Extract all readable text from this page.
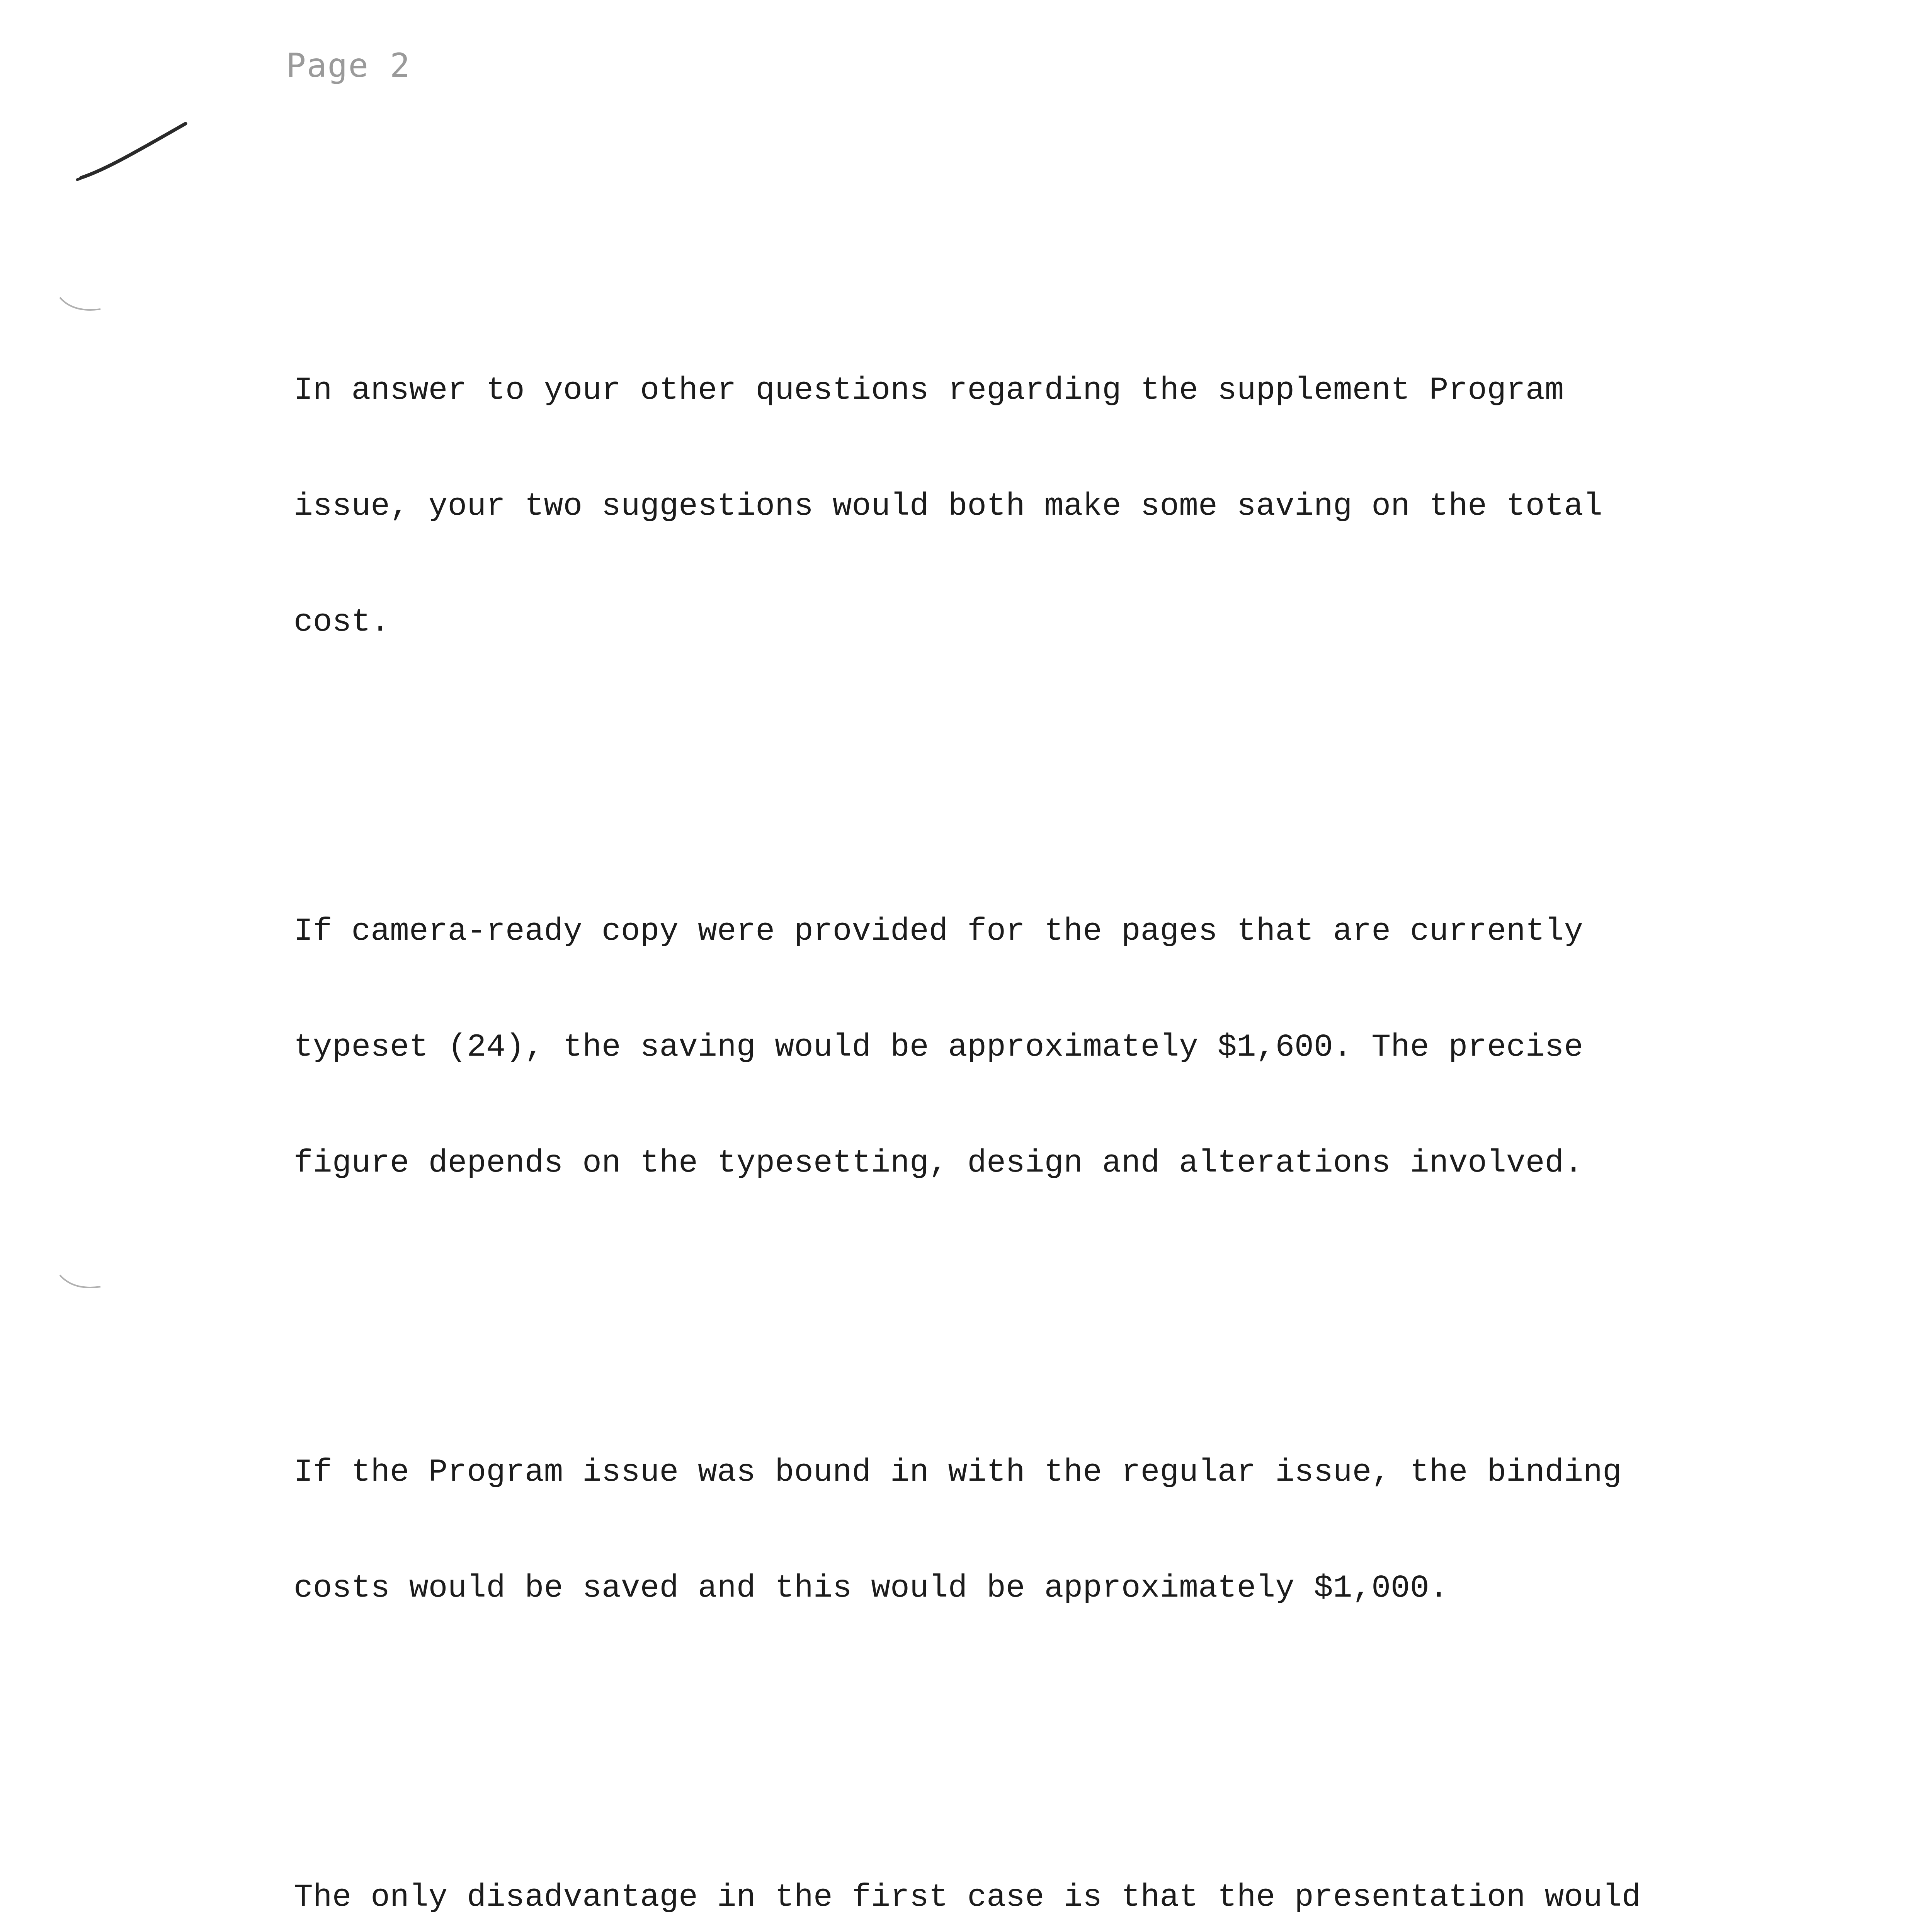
Page 2

In answer to your other questions regarding the supplement Program

issue, your two suggestions would both make some saving on the total

cost.

If camera-ready copy were provided for the pages that are currently

typeset (24), the saving would be approximately $1,600. The precise

figure depends on the typesetting, design and alterations involved.

If the Program issue was bound in with the regular issue, the binding

costs would be saved and this would be approximately $1,000.

The only disadvantage in the first case is that the presentation would
